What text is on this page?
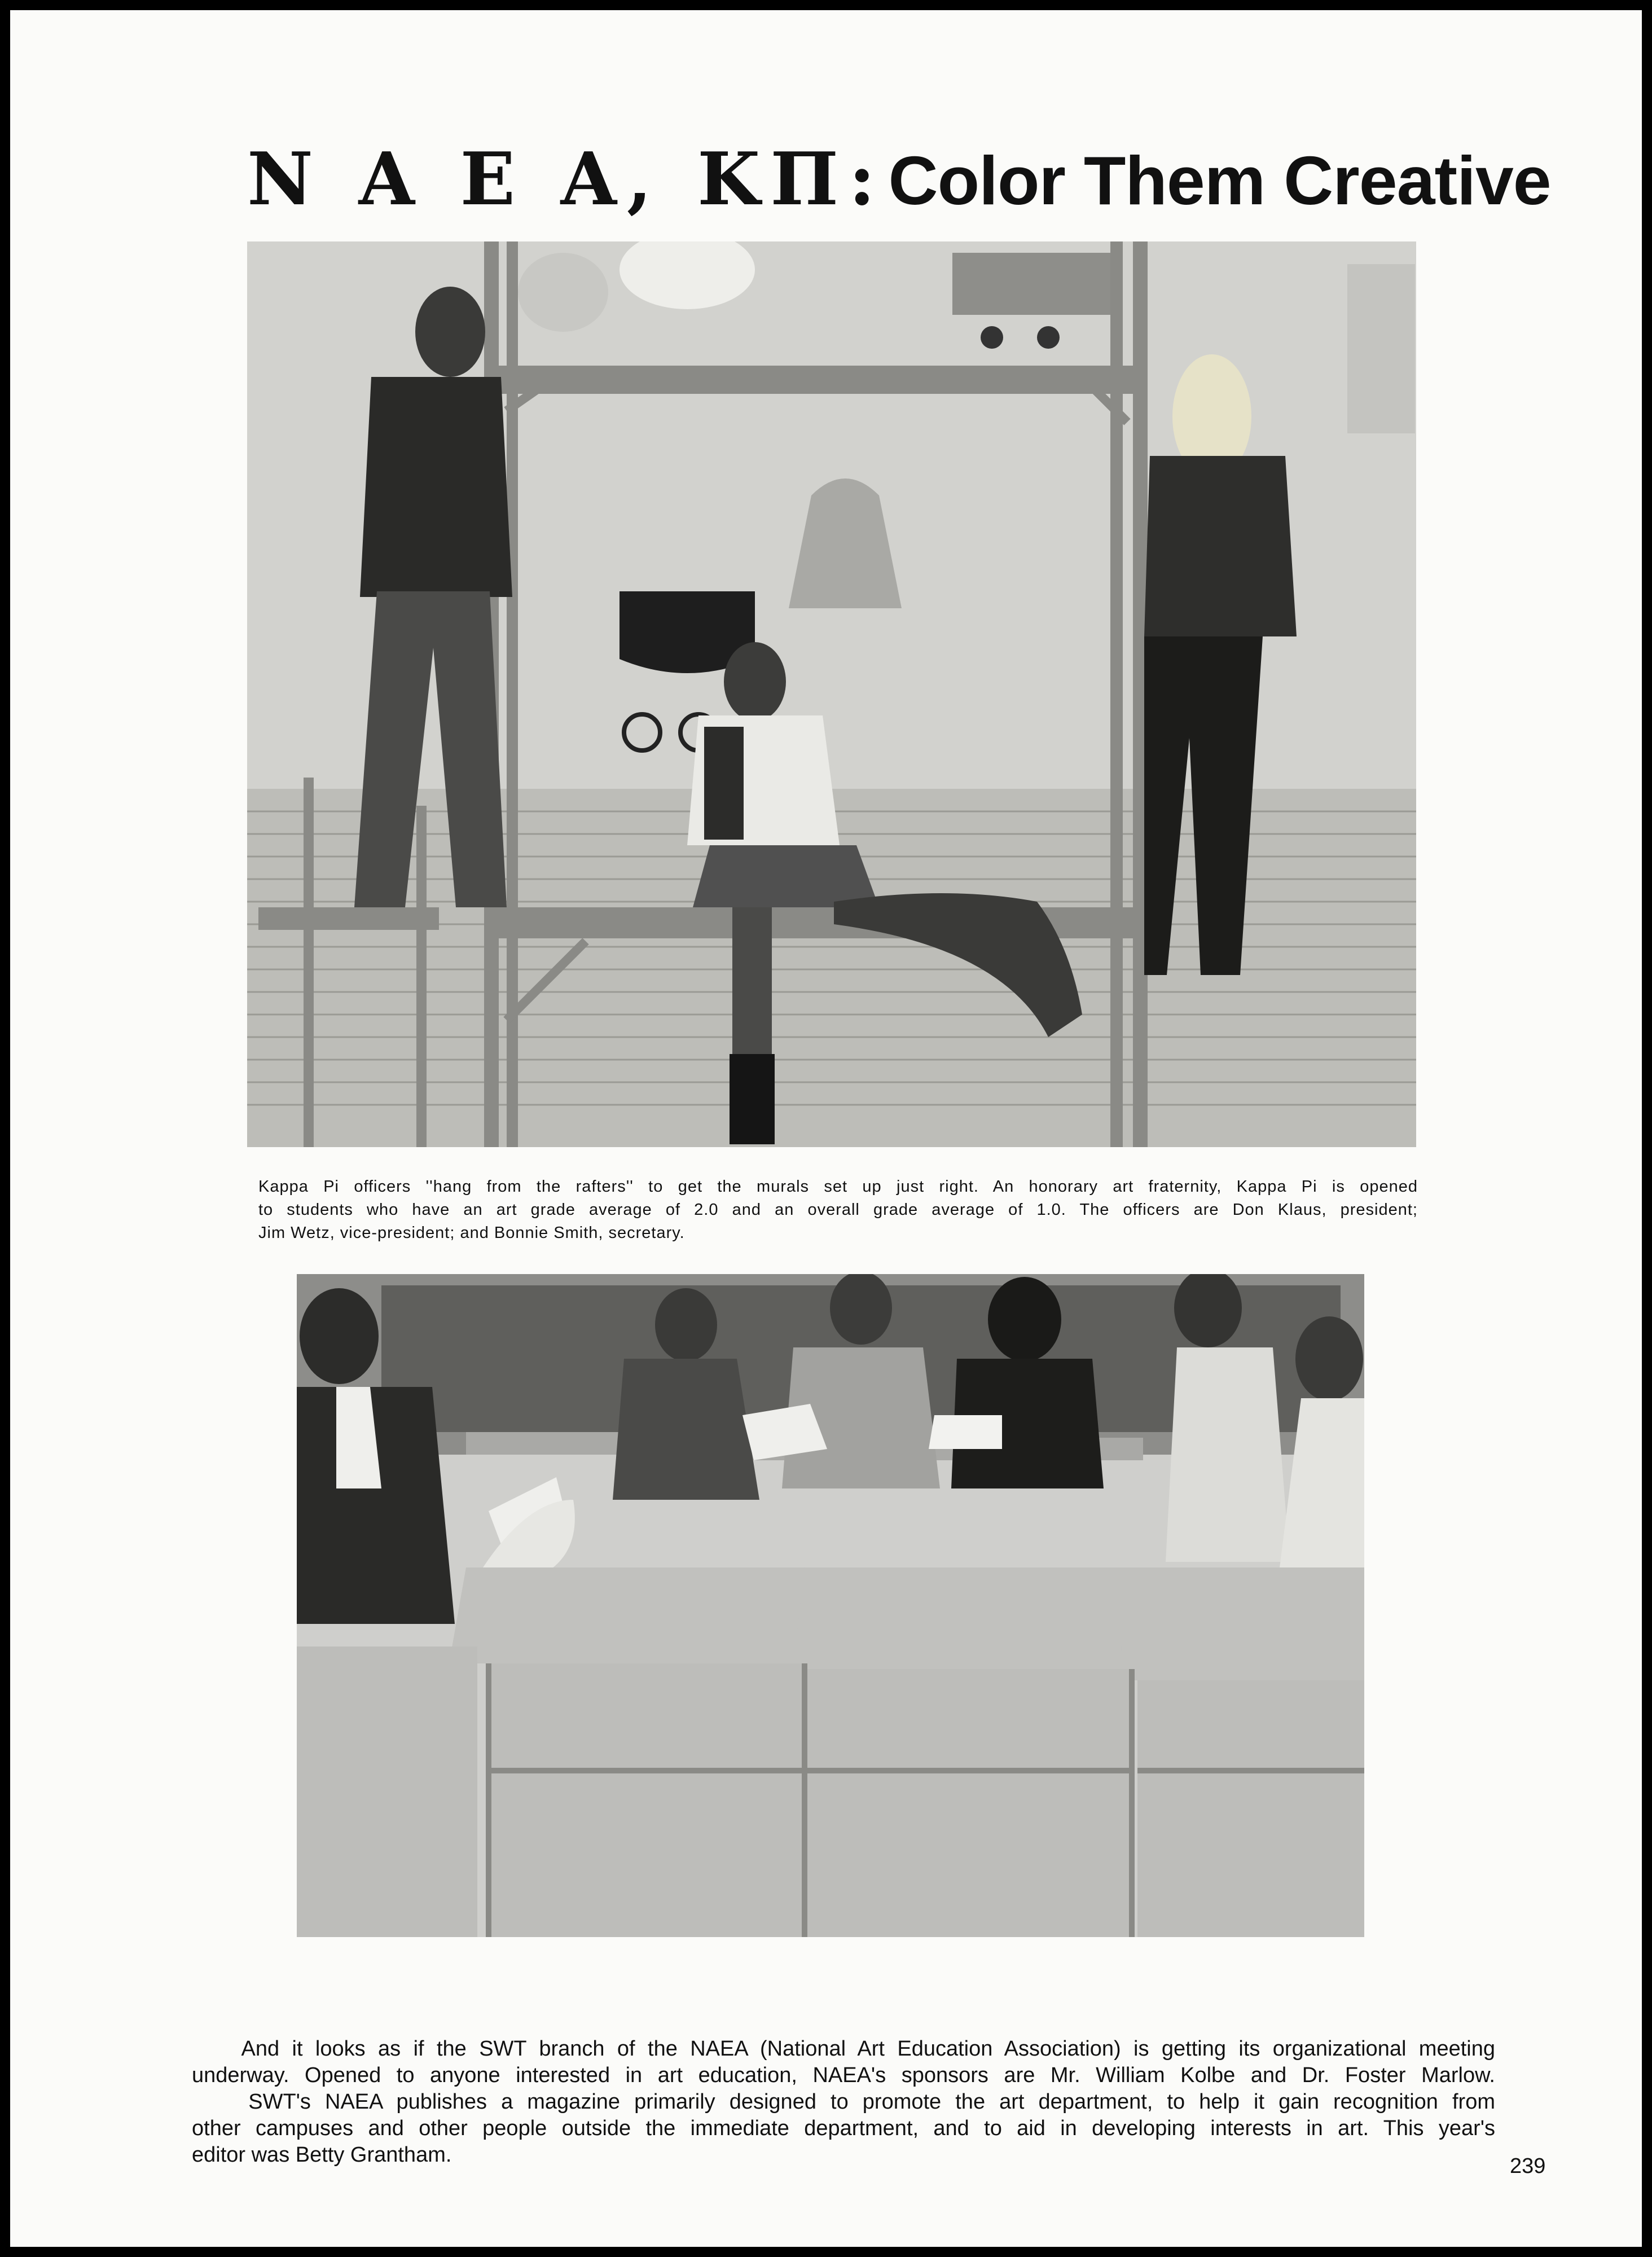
N A E A, KΠ: Color Them Creative
Kappa Pi officers ''hang from the rafters'' to get the murals set up just right. An honorary art fraternity, Kappa Pi is opened
to students who have an art grade average of 2.0 and an overall grade average of 1.0. The officers are Don Klaus, president;
Jim Wetz, vice-president; and Bonnie Smith, secretary.
And it looks as if the SWT branch of the NAEA (National Art Education Association) is getting its organizational meeting
underway. Opened to anyone interested in art education, NAEA's sponsors are Mr. William Kolbe and Dr. Foster Marlow.
SWT's NAEA publishes a magazine primarily designed to promote the art department, to help it gain recognition from
other campuses and other people outside the immediate department, and to aid in developing interests in art. This year's
editor was Betty Grantham.	239
